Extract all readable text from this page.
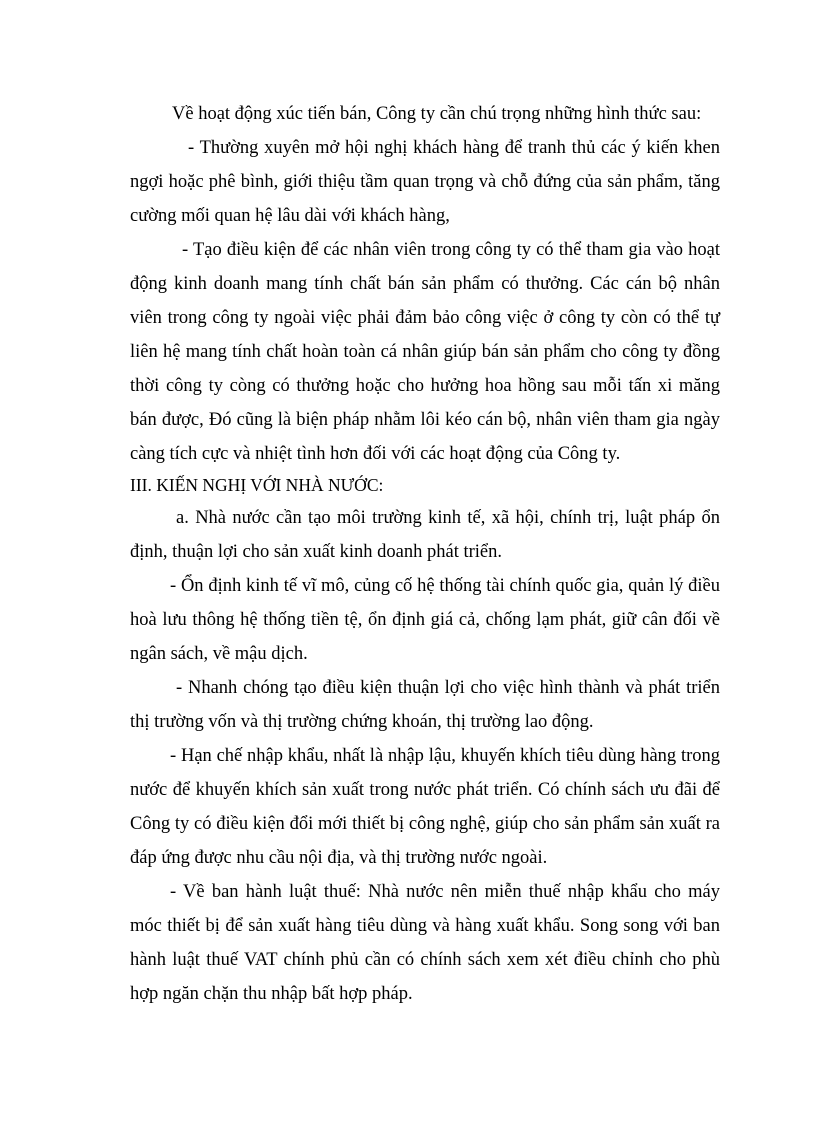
Về hoạt động xúc tiến bán, Công ty cần chú trọng những hình thức sau:

- Thường xuyên mở hội nghị khách hàng để tranh thủ các ý kiến khen ngợi hoặc phê bình, giới thiệu tầm quan trọng và chỗ đứng của sản phẩm, tăng cường mối quan hệ lâu dài với khách hàng,

- Tạo điều kiện để các nhân viên trong công ty có thể tham gia vào hoạt động kinh doanh mang tính chất bán sản phẩm có thưởng. Các cán bộ nhân viên trong công ty ngoài việc phải đảm bảo công việc ở công ty còn có thể tự liên hệ mang tính chất hoàn toàn cá nhân giúp bán sản phẩm cho công ty đồng thời công ty còng có thưởng hoặc cho hưởng hoa hồng sau mỗi tấn xi măng bán được, Đó cũng là biện pháp nhằm lôi kéo cán bộ, nhân viên tham gia ngày càng tích cực và nhiệt tình hơn đối với các hoạt động của Công ty.

III. KIẾN NGHỊ VỚI NHÀ NƯỚC:

a. Nhà nước cần tạo môi trường kinh tế, xã hội, chính trị, luật pháp ổn định, thuận lợi cho sản xuất kinh doanh phát triển.

- Ổn định kinh tế vĩ mô, củng cố hệ thống tài chính quốc gia, quản lý điều hoà lưu thông hệ thống tiền tệ, ổn định giá cả, chống lạm phát, giữ cân đối về ngân sách, về mậu dịch.

- Nhanh chóng tạo điều kiện thuận lợi cho việc hình thành và phát triển thị trường vốn và thị trường chứng khoán, thị trường lao động.

- Hạn chế nhập khẩu, nhất là nhập lậu, khuyến khích tiêu dùng hàng trong nước để khuyến khích sản xuất trong nước phát triển. Có chính sách ưu đãi để Công ty có điều kiện đổi mới thiết bị công nghệ, giúp cho sản phẩm sản xuất ra đáp ứng được nhu cầu nội địa, và thị trường nước ngoài.

- Về ban hành luật thuế: Nhà nước nên miễn thuế nhập khẩu cho máy móc thiết bị để sản xuất hàng tiêu dùng và hàng xuất khẩu. Song song với ban hành luật thuế VAT chính phủ cần có chính sách xem xét điều chỉnh cho phù hợp ngăn chặn thu nhập bất hợp pháp.
